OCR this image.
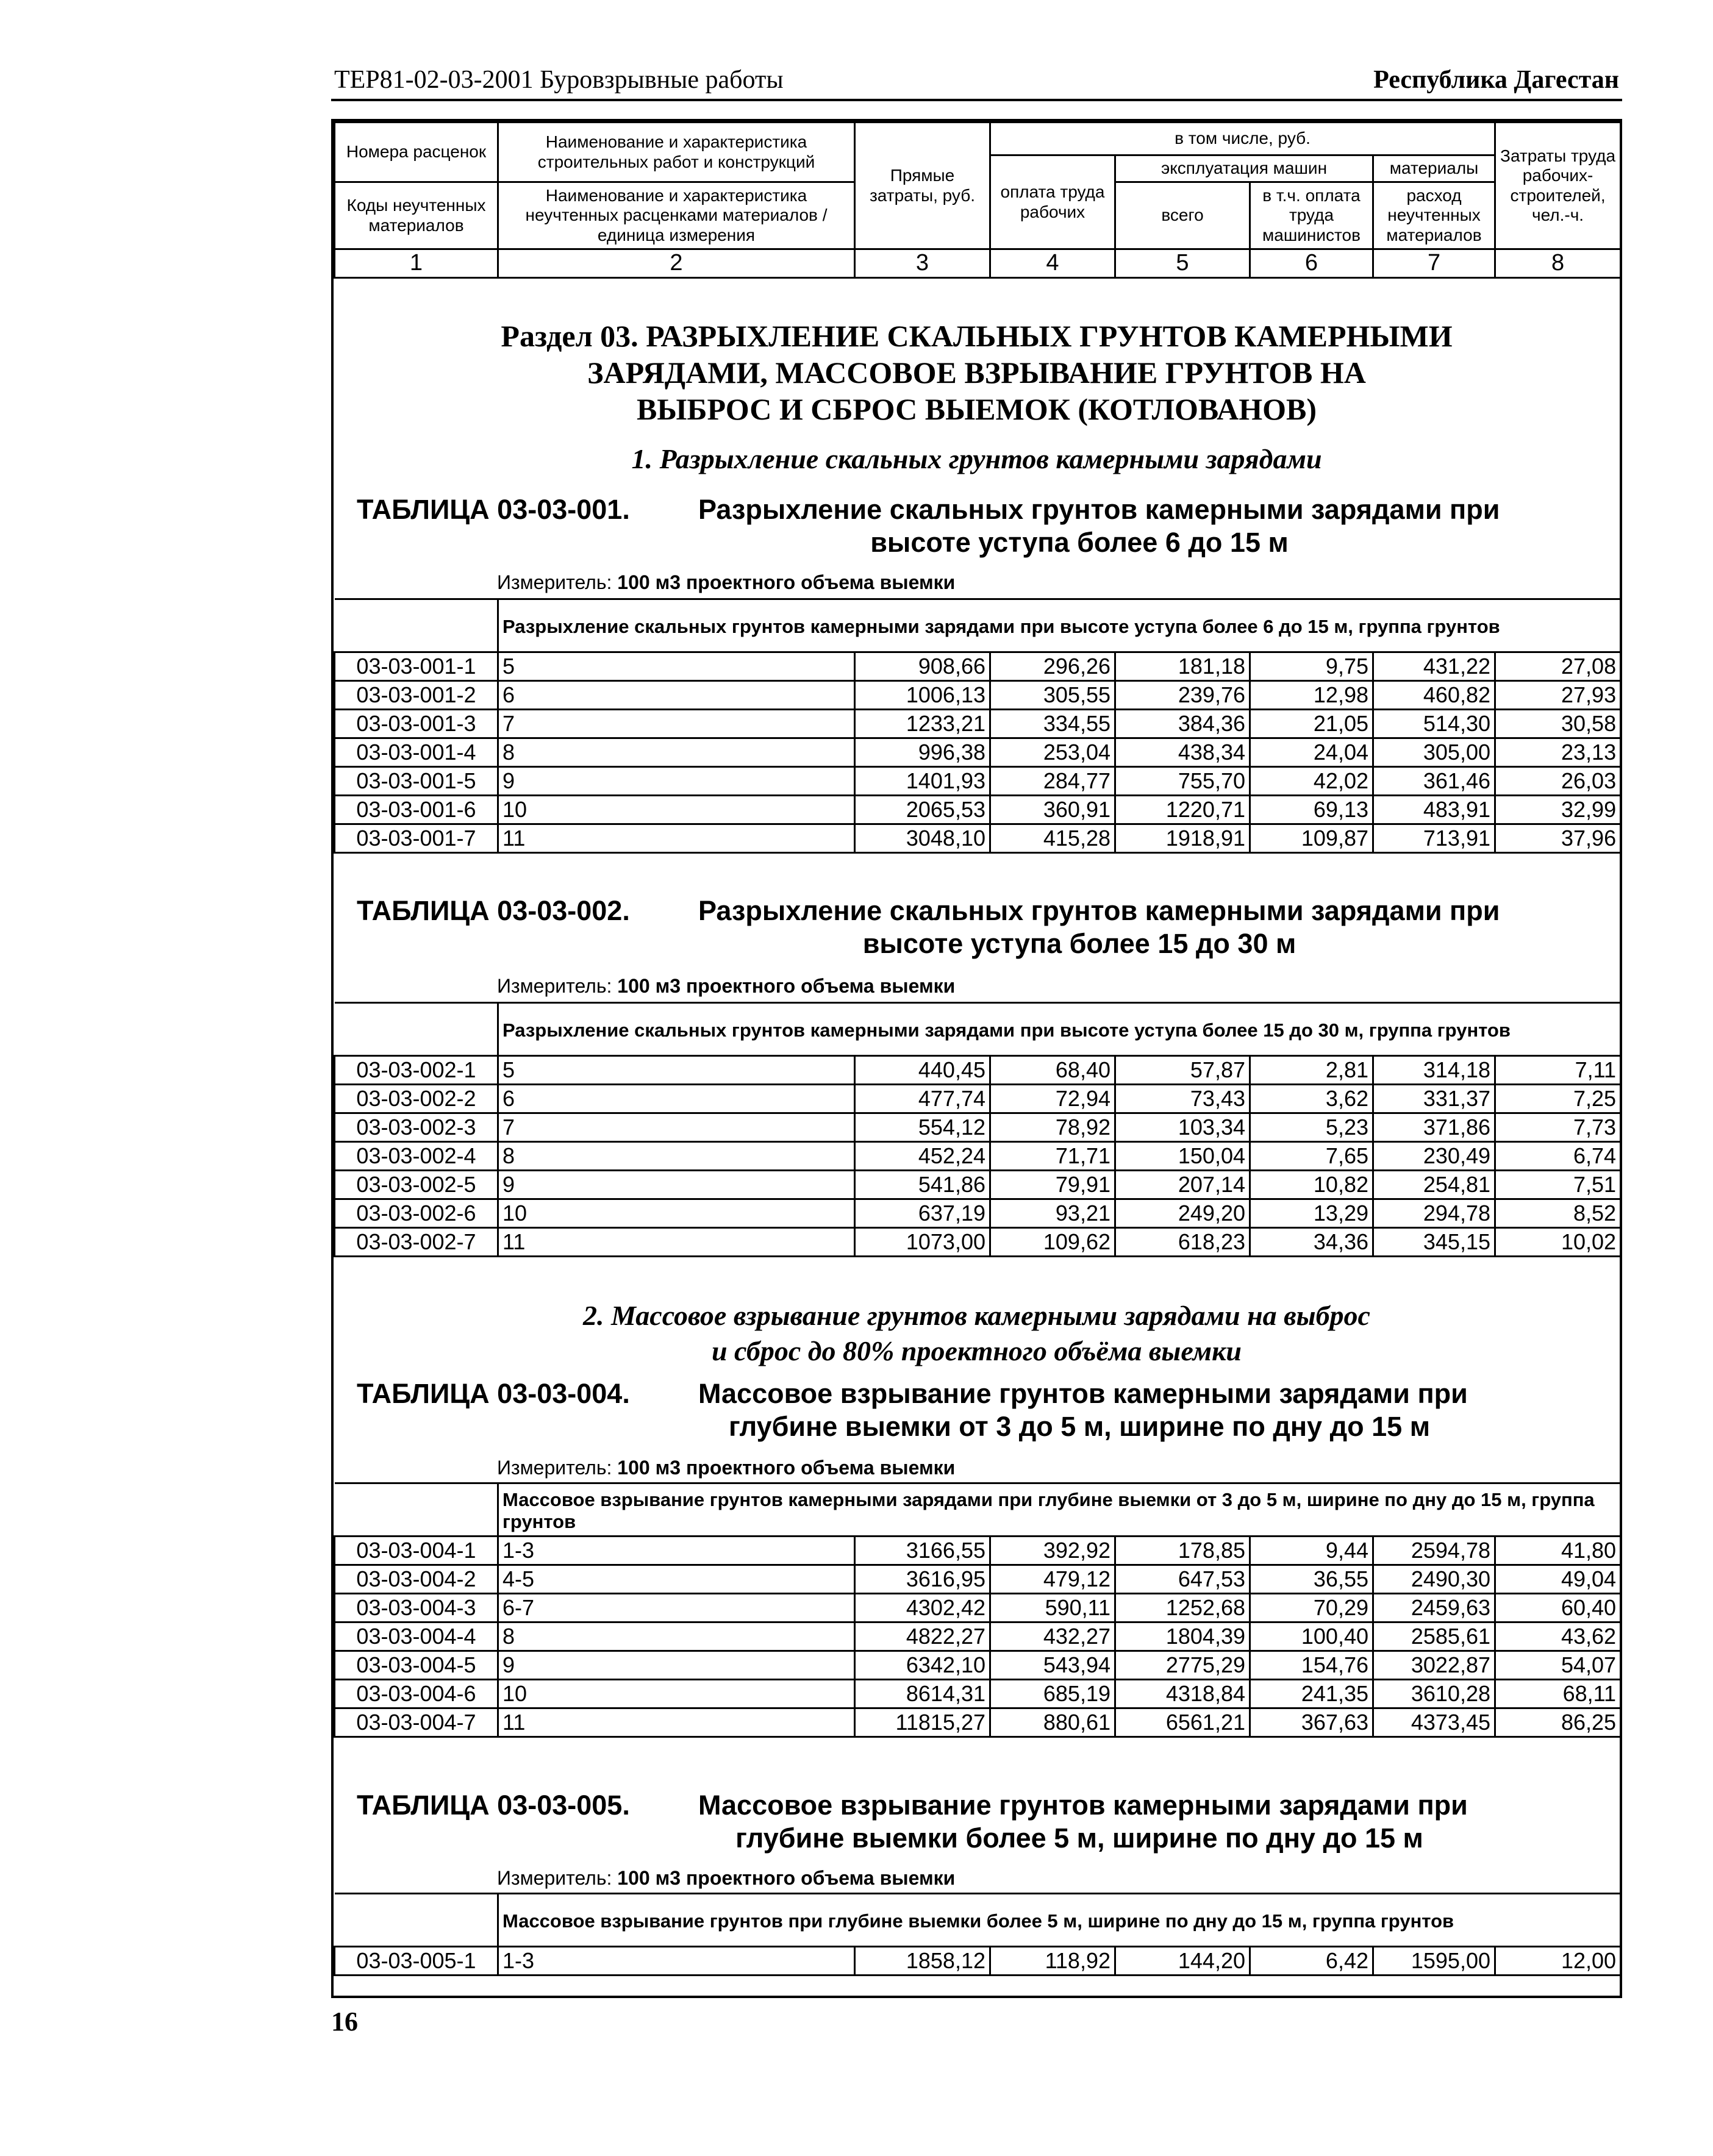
ТЕР81-02-03-2001 Буровзрывные работы	Республика Дагестан
Номера расценок	Наименование и характеристика строительных работ и конструкций	Прямые затраты, руб.	в том числе, руб.				Затраты труда рабочих-строителей, чел.-ч.
			оплата труда рабочих	эксплуатация машин		материалы	
Коды неучтенных материалов	Наименование и характеристика неучтенных расценками материалов / единица измерения			всего	в т.ч. оплата труда машинистов	расход неучтенных материалов	

1	2	3	4	5	6	7	8
Раздел 03. РАЗРЫХЛЕНИЕ СКАЛЬНЫХ ГРУНТОВ КАМЕРНЫМИ
ЗАРЯДАМИ, МАССОВОЕ ВЗРЫВАНИЕ ГРУНТОВ НА
ВЫБРОС И СБРОС ВЫЕМОК (КОТЛОВАНОВ)
1. Разрыхление скальных грунтов камерными зарядами
ТАБЛИЦА 03-03-001. Разрыхление скальных грунтов камерными зарядами при
высоте уступа более 6 до 15 м
Измеритель: 100 м3 проектного объема выемки
	Разрыхление скальных грунтов камерными зарядами при высоте уступа более 6 до 15 м, группа грунтов						
03-03-001-1	5	908,66	296,26	181,18	9,75	431,22	27,08
03-03-001-2	6	1006,13	305,55	239,76	12,98	460,82	27,93
03-03-001-3	7	1233,21	334,55	384,36	21,05	514,30	30,58
03-03-001-4	8	996,38	253,04	438,34	24,04	305,00	23,13
03-03-001-5	9	1401,93	284,77	755,70	42,02	361,46	26,03
03-03-001-6	10	2065,53	360,91	1220,71	69,13	483,91	32,99
03-03-001-7	11	3048,10	415,28	1918,91	109,87	713,91	37,96
ТАБЛИЦА 03-03-002. Разрыхление скальных грунтов камерными зарядами при
высоте уступа более 15 до 30 м
Измеритель: 100 м3 проектного объема выемки
	Разрыхление скальных грунтов камерными зарядами при высоте уступа более 15 до 30 м, группа грунтов						
03-03-002-1	5	440,45	68,40	57,87	2,81	314,18	7,11
03-03-002-2	6	477,74	72,94	73,43	3,62	331,37	7,25
03-03-002-3	7	554,12	78,92	103,34	5,23	371,86	7,73
03-03-002-4	8	452,24	71,71	150,04	7,65	230,49	6,74
03-03-002-5	9	541,86	79,91	207,14	10,82	254,81	7,51
03-03-002-6	10	637,19	93,21	249,20	13,29	294,78	8,52
03-03-002-7	11	1073,00	109,62	618,23	34,36	345,15	10,02
2. Массовое взрывание грунтов камерными зарядами на выброс
и сброс до 80% проектного объёма выемки
ТАБЛИЦА 03-03-004. Массовое взрывание грунтов камерными зарядами при
глубине выемки от 3 до 5 м, ширине по дну до 15 м
Измеритель: 100 м3 проектного объема выемки
	Массовое взрывание грунтов камерными зарядами при глубине выемки от 3 до 5 м, ширине по дну до 15 м, группа грунтов						
03-03-004-1	1-3	3166,55	392,92	178,85	9,44	2594,78	41,80
03-03-004-2	4-5	3616,95	479,12	647,53	36,55	2490,30	49,04
03-03-004-3	6-7	4302,42	590,11	1252,68	70,29	2459,63	60,40
03-03-004-4	8	4822,27	432,27	1804,39	100,40	2585,61	43,62
03-03-004-5	9	6342,10	543,94	2775,29	154,76	3022,87	54,07
03-03-004-6	10	8614,31	685,19	4318,84	241,35	3610,28	68,11
03-03-004-7	11	11815,27	880,61	6561,21	367,63	4373,45	86,25
ТАБЛИЦА 03-03-005. Массовое взрывание грунтов камерными зарядами при
глубине выемки более 5 м, ширине по дну до 15 м
Измеритель: 100 м3 проектного объема выемки
	Массовое взрывание грунтов при глубине выемки более 5 м, ширине по дну до 15 м, группа грунтов						
03-03-005-1	1-3	1858,12	118,92	144,20	6,42	1595,00	12,00
16
